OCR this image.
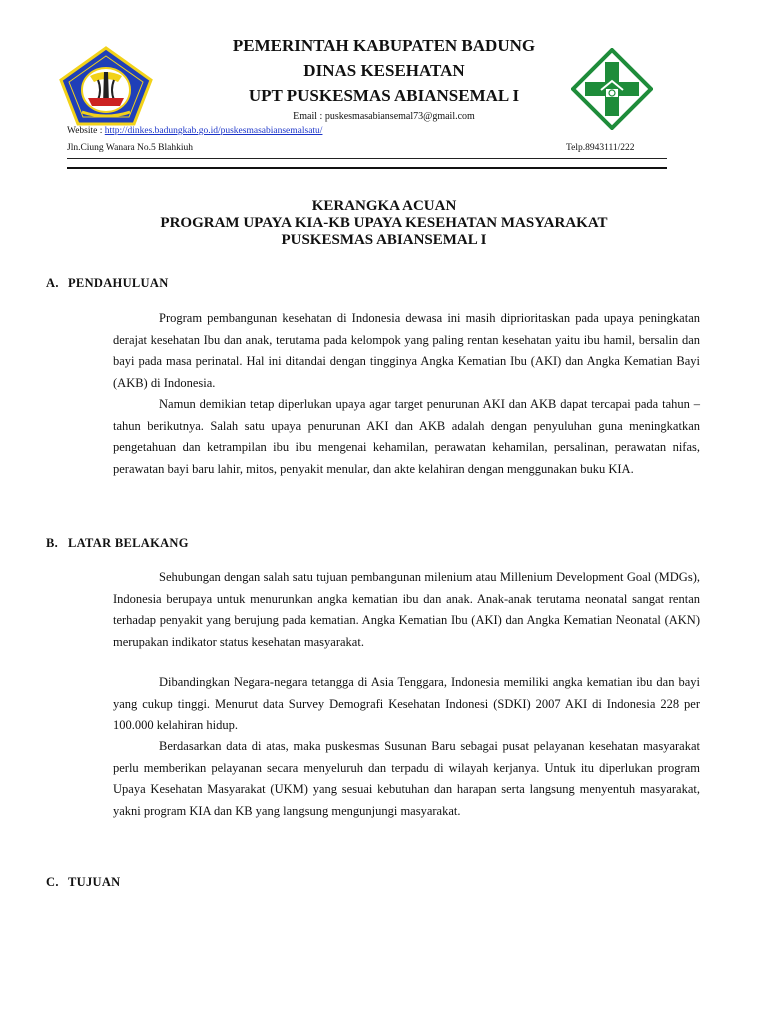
PEMERINTAH KABUPATEN BADUNG
DINAS KESEHATAN
UPT PUSKESMAS ABIANSEMAL I
Email : puskesmasabiansemal73@gmail.com
Website : http://dinkes.badungkab.go.id/puskesmasabiansemalsatu/
Jln.Ciung Wanara No.5 Blahkiuh	Telp.8943111/222
KERANGKA ACUAN
PROGRAM UPAYA KIA-KB UPAYA KESEHATAN MASYARAKAT
PUSKESMAS ABIANSEMAL I
A. PENDAHULUAN

Program pembangunan kesehatan di Indonesia dewasa ini masih diprioritaskan pada upaya peningkatan derajat kesehatan Ibu dan anak, terutama pada kelompok yang paling rentan kesehatan yaitu ibu hamil, bersalin dan bayi pada masa perinatal. Hal ini ditandai dengan tingginya Angka Kematian Ibu (AKI) dan Angka Kematian Bayi (AKB) di Indonesia.

Namun demikian tetap diperlukan upaya agar target penurunan AKI dan AKB dapat tercapai pada tahun – tahun berikutnya. Salah satu upaya penurunan AKI dan AKB adalah dengan penyuluhan guna meningkatkan pengetahuan dan ketrampilan ibu ibu mengenai kehamilan, perawatan kehamilan, persalinan, perawatan nifas, perawatan bayi baru lahir, mitos, penyakit menular, dan akte kelahiran dengan menggunakan buku KIA.

B. LATAR BELAKANG

Sehubungan dengan salah satu tujuan pembangunan milenium atau Millenium Development Goal (MDGs), Indonesia berupaya untuk menurunkan angka kematian ibu dan anak. Anak-anak terutama neonatal sangat rentan terhadap penyakit yang berujung pada kematian. Angka Kematian Ibu (AKI) dan Angka Kematian Neonatal (AKN) merupakan indikator status kesehatan masyarakat.

Dibandingkan Negara-negara tetangga di Asia Tenggara, Indonesia memiliki angka kematian ibu dan bayi yang cukup tinggi. Menurut data Survey Demografi Kesehatan Indonesi (SDKI) 2007 AKI di Indonesia 228 per 100.000 kelahiran hidup.

Berdasarkan data di atas, maka puskesmas Susunan Baru sebagai pusat pelayanan kesehatan masyarakat perlu memberikan pelayanan secara menyeluruh dan terpadu di wilayah kerjanya. Untuk itu diperlukan program Upaya Kesehatan Masyarakat (UKM) yang sesuai kebutuhan dan harapan serta langsung menyentuh masyarakat, yakni program KIA dan KB yang langsung mengunjungi masyarakat.

C. TUJUAN
